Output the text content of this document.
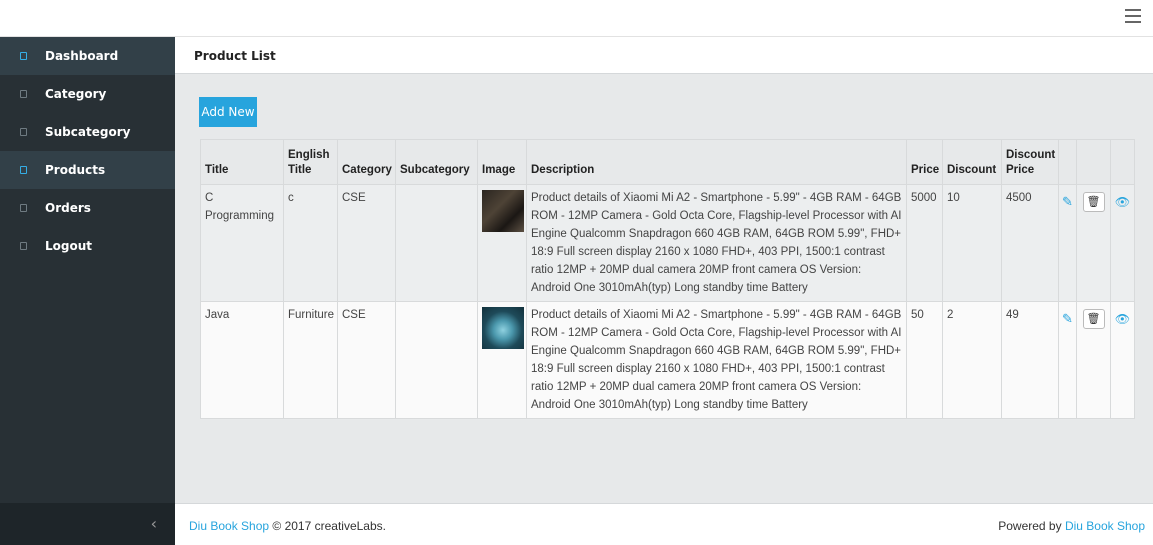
Dashboard
Category
Subcategory
Products
Orders
Logout
‹
Product List
Add New
Title	English Title	Category	Subcategory	Image	Description	Price	Discount	Discount Price			
C Programming	c	CSE			Product details of Xiaomi Mi A2 - Smartphone - 5.99" - 4GB RAM - 64GB ROM - 12MP Camera - Gold Octa Core, Flagship-level Processor with AI Engine Qualcomm Snapdragon 660 4GB RAM, 64GB ROM 5.99", FHD+ 18:9 Full screen display 2160 x 1080 FHD+, 403 PPI, 1500:1 contrast ratio 12MP + 20MP dual camera 20MP front camera OS Version: Android One 3010mAh(typ) Long standby time Battery	5000	10	4500	✎	🗑	👁
Java	Furniture	CSE			Product details of Xiaomi Mi A2 - Smartphone - 5.99" - 4GB RAM - 64GB ROM - 12MP Camera - Gold Octa Core, Flagship-level Processor with AI Engine Qualcomm Snapdragon 660 4GB RAM, 64GB ROM 5.99", FHD+ 18:9 Full screen display 2160 x 1080 FHD+, 403 PPI, 1500:1 contrast ratio 12MP + 20MP dual camera 20MP front camera OS Version: Android One 3010mAh(typ) Long standby time Battery	50	2	49	✎	🗑	👁
Diu Book Shop © 2017 creativeLabs.	Powered by Diu Book Shop
